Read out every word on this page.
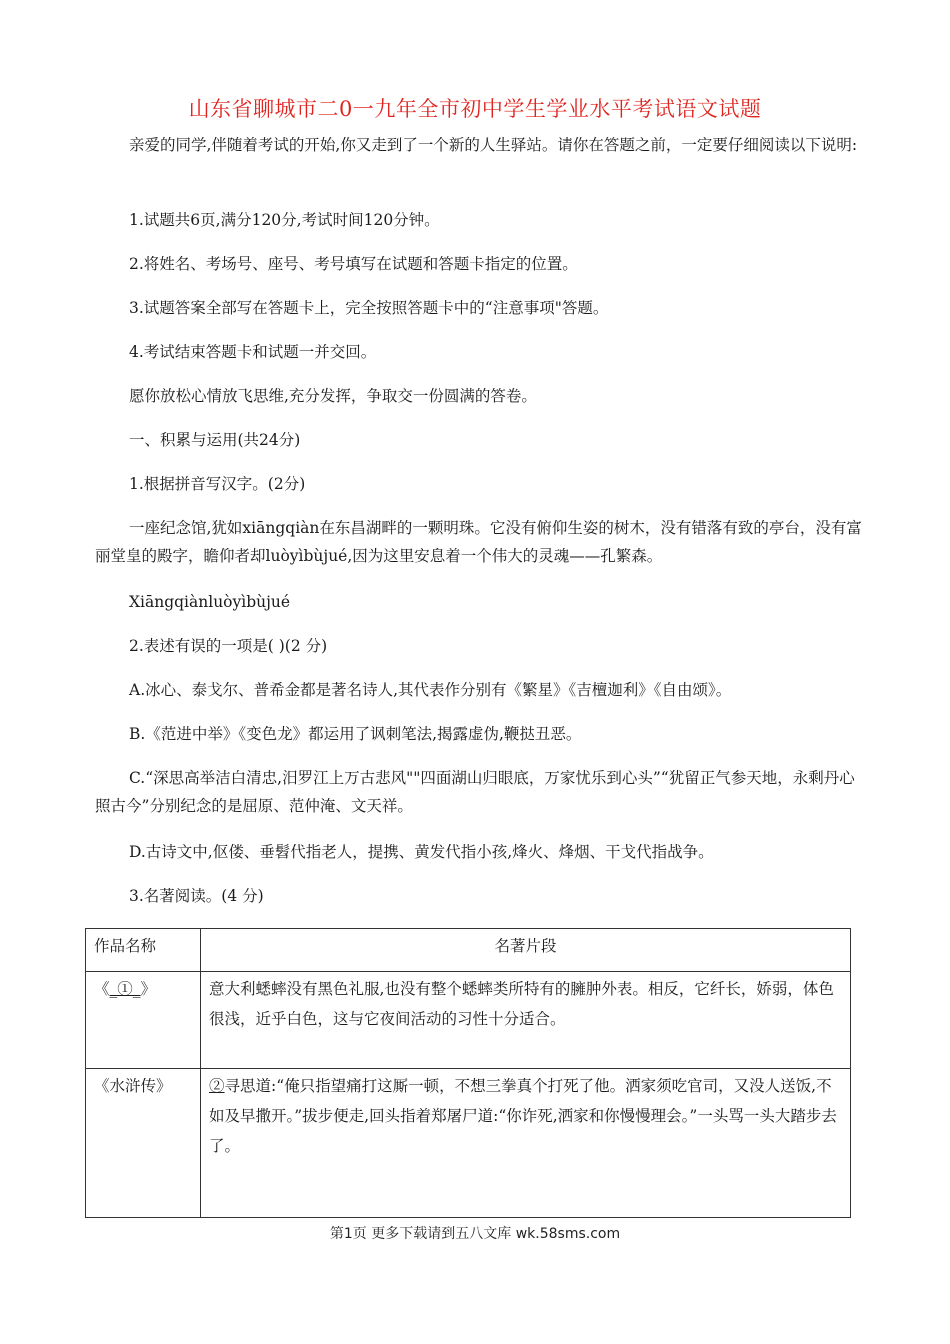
山东省聊城市二0一九年全市初中学生学业水平考试语文试题
亲爱的同学,伴随着考试的开始,你又走到了一个新的人生驿站。请你在答题之前，一定要仔细阅读以下说明:
1.试题共6页,满分120分,考试时间120分钟。
2.将姓名、考场号、座号、考号填写在试题和答题卡指定的位置。
3.试题答案全部写在答题卡上，完全按照答题卡中的“注意事项"答题。
4.考试结束答题卡和试题一并交回。
愿你放松心情放飞思维,充分发挥，争取交一份圆满的答卷。
一、积累与运用(共24分)
1.根据拼音写汉字。(2分)
一座纪念馆,犹如xiāngqiàn在东昌湖畔的一颗明珠。它没有俯仰生姿的树木，没有错落有致的亭台，没有富丽堂皇的殿字，瞻仰者却luòyìbùjué,因为这里安息着一个伟大的灵魂——孔繁森。
Xiāngqiànluòyìbùjué
2.表述有误的一项是( )(2 分)
A.冰心、泰戈尔、普希金都是著名诗人,其代表作分别有《繁星》《吉檀迦利》《自由颂》。
B.《范进中举》《变色龙》都运用了讽刺笔法,揭露虚伪,鞭挞丑恶。
C.“深思高举洁白清忠,汨罗江上万古悲风""四面湖山归眼底，万家忧乐到心头”“犹留正气参天地，永剩丹心照古今”分别纪念的是屈原、范仲淹、文天祥。
D.古诗文中,伛偻、垂髫代指老人，提携、黄发代指小孩,烽火、烽烟、干戈代指战争。
3.名著阅读。(4 分)
作品名称	名著片段
《_①_》	意大利蟋蟀没有黑色礼服,也没有整个蟋蟀类所特有的臃肿外表。相反，它纤长，娇弱，体色很浅，近乎白色，这与它夜间活动的习性十分适合。
《水浒传》	②寻思道:“俺只指望痛打这厮一顿，不想三拳真个打死了他。洒家须吃官司，又没人送饭,不如及早撒开。”拔步便走,回头指着郑屠尸道:“你诈死,洒家和你慢慢理会。”一头骂一头大踏步去了。
第1页 更多下载请到五八文库 wk.58sms.com
